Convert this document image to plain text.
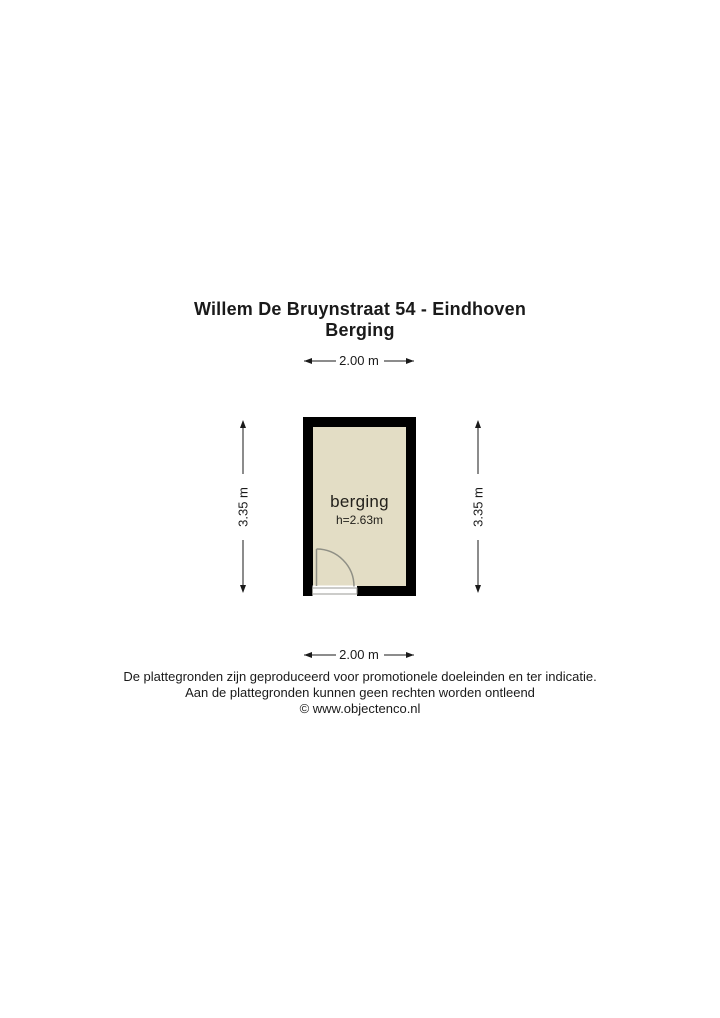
Willem De Bruynstraat 54 - Eindhoven
Berging
2.00 m
2.00 m
3.35 m	3.35 m
berging
h=2.63m
De plattegronden zijn geproduceerd voor promotionele doeleinden en ter indicatie.
Aan de plattegronden kunnen geen rechten worden ontleend
© www.objectenco.nl
